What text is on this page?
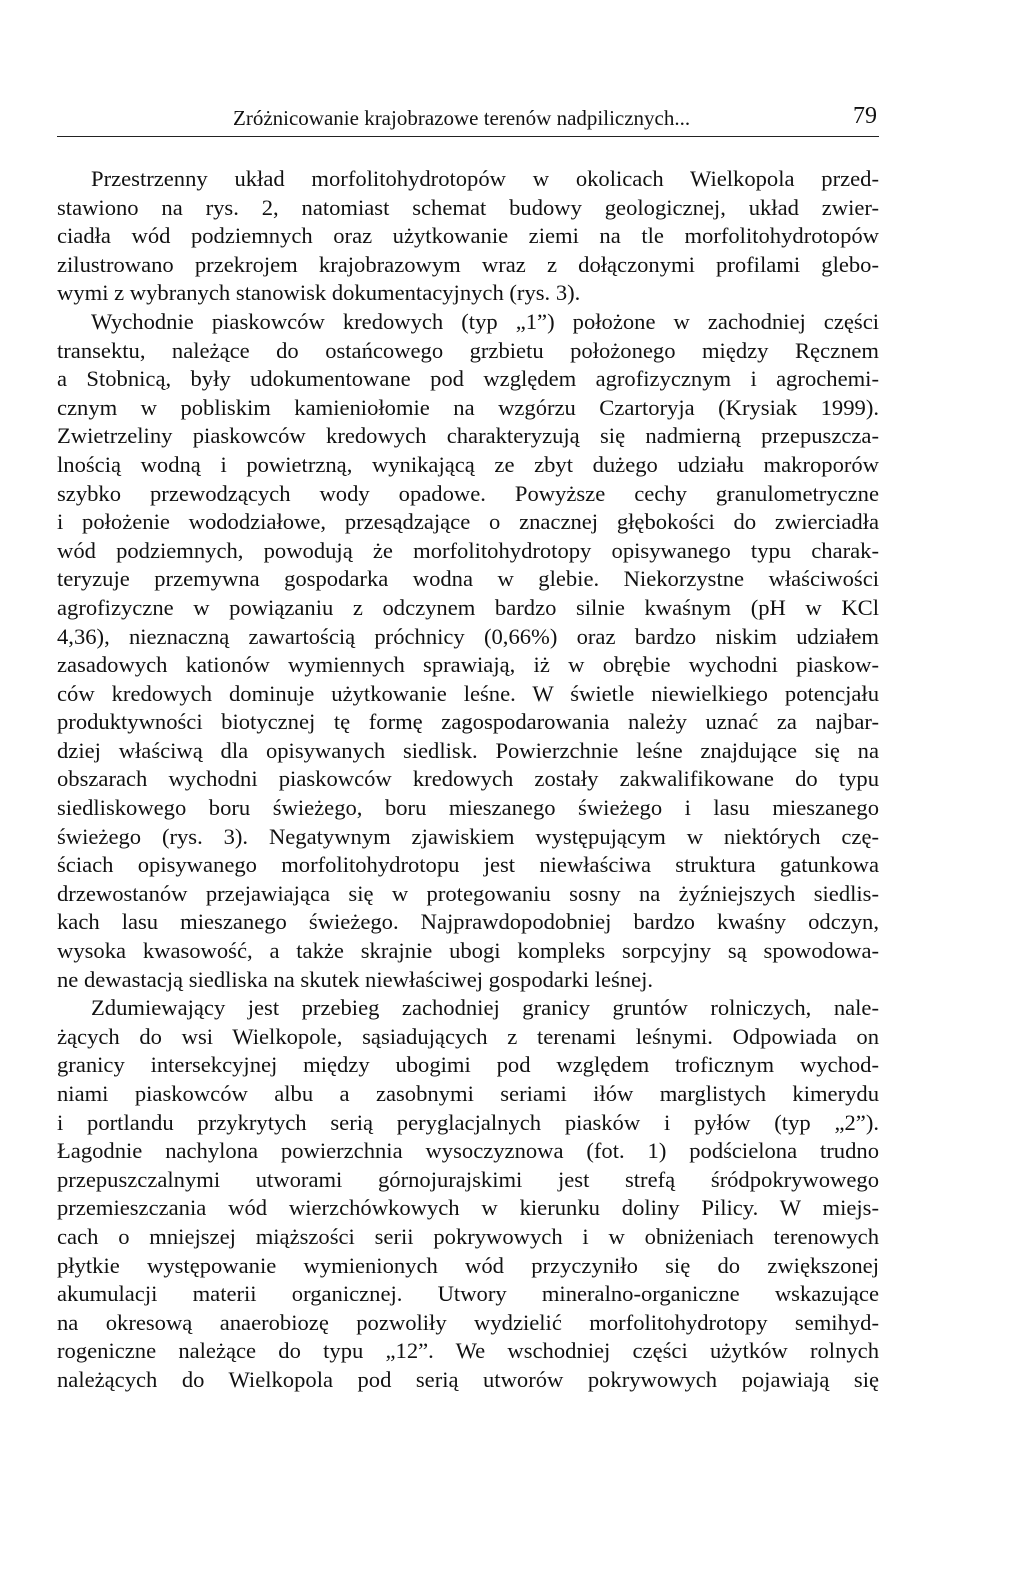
Zróżnicowanie krajobrazowe terenów nadpilicznych...	79
Przestrzenny układ morfolitohydrotopów w okolicach Wielkopola przed-
stawiono na rys. 2, natomiast schemat budowy geologicznej, układ zwier-
ciadła wód podziemnych oraz użytkowanie ziemi na tle morfolitohydrotopów
zilustrowano przekrojem krajobrazowym wraz z dołączonymi profilami glebo-
wymi z wybranych stanowisk dokumentacyjnych (rys. 3).
Wychodnie piaskowców kredowych (typ „1”) położone w zachodniej części
transektu, należące do ostańcowego grzbietu położonego między Ręcznem
a Stobnicą, były udokumentowane pod względem agrofizycznym i agrochemi-
cznym w pobliskim kamieniołomie na wzgórzu Czartoryja (Krysiak 1999).
Zwietrzeliny piaskowców kredowych charakteryzują się nadmierną przepuszcza-
lnością wodną i powietrzną, wynikającą ze zbyt dużego udziału makroporów
szybko przewodzących wody opadowe. Powyższe cechy granulometryczne
i położenie wododziałowe, przesądzające o znacznej głębokości do zwierciadła
wód podziemnych, powodują że morfolitohydrotopy opisywanego typu charak-
teryzuje przemywna gospodarka wodna w glebie. Niekorzystne właściwości
agrofizyczne w powiązaniu z odczynem bardzo silnie kwaśnym (pH w KCl
4,36), nieznaczną zawartością próchnicy (0,66%) oraz bardzo niskim udziałem
zasadowych kationów wymiennych sprawiają, iż w obrębie wychodni piaskow-
ców kredowych dominuje użytkowanie leśne. W świetle niewielkiego potencjału
produktywności biotycznej tę formę zagospodarowania należy uznać za najbar-
dziej właściwą dla opisywanych siedlisk. Powierzchnie leśne znajdujące się na
obszarach wychodni piaskowców kredowych zostały zakwalifikowane do typu
siedliskowego boru świeżego, boru mieszanego świeżego i lasu mieszanego
świeżego (rys. 3). Negatywnym zjawiskiem występującym w niektórych czę-
ściach opisywanego morfolitohydrotopu jest niewłaściwa struktura gatunkowa
drzewostanów przejawiająca się w protegowaniu sosny na żyźniejszych siedlis-
kach lasu mieszanego świeżego. Najprawdopodobniej bardzo kwaśny odczyn,
wysoka kwasowość, a także skrajnie ubogi kompleks sorpcyjny są spowodowa-
ne dewastacją siedliska na skutek niewłaściwej gospodarki leśnej.
Zdumiewający jest przebieg zachodniej granicy gruntów rolniczych, nale-
żących do wsi Wielkopole, sąsiadujących z terenami leśnymi. Odpowiada on
granicy intersekcyjnej między ubogimi pod względem troficznym wychod-
niami piaskowców albu a zasobnymi seriami iłów marglistych kimerydu
i portlandu przykrytych serią peryglacjalnych piasków i pyłów (typ „2”).
Łagodnie nachylona powierzchnia wysoczyznowa (fot. 1) podścielona trudno
przepuszczalnymi utworami górnojurajskimi jest strefą śródpokrywowego
przemieszczania wód wierzchówkowych w kierunku doliny Pilicy. W miejs-
cach o mniejszej miąższości serii pokrywowych i w obniżeniach terenowych
płytkie występowanie wymienionych wód przyczyniło się do zwiększonej
akumulacji materii organicznej. Utwory mineralno-organiczne wskazujące
na okresową anaerobiozę pozwoliły wydzielić morfolitohydrotopy semihyd-
rogeniczne należące do typu „12”. We wschodniej części użytków rolnych
należących do Wielkopola pod serią utworów pokrywowych pojawiają się
